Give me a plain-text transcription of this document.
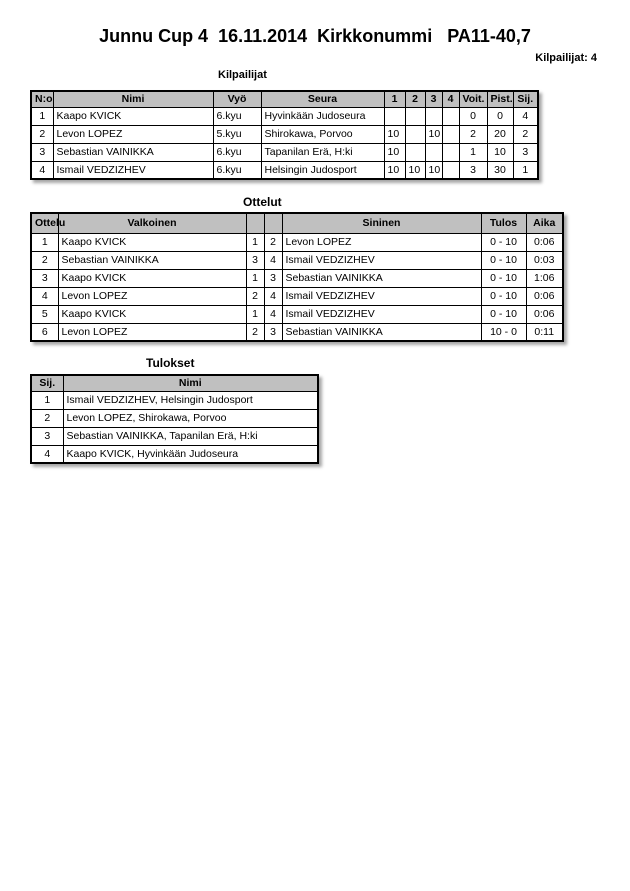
Junnu Cup 4  16.11.2014  Kirkkonummi   PA11-40,7
Kilpailijat: 4
Kilpailijat
N:o	Nimi	Vyö	Seura	1	2	3	4	Voit.	Pist.	Sij.
1	Kaapo KVICK	6.kyu	Hyvinkään Judoseura					0	0	4
2	Levon LOPEZ	5.kyu	Shirokawa, Porvoo	10		10		2	20	2
3	Sebastian VAINIKKA	6.kyu	Tapanilan Erä, H:ki	10				1	10	3
4	Ismail VEDZIZHEV	6.kyu	Helsingin Judosport	10	10	10		3	30	1
Ottelut
Ottelu	Valkoinen			Sininen	Tulos	Aika
1	Kaapo KVICK	1	2	Levon LOPEZ	0 - 10	0:06
2	Sebastian VAINIKKA	3	4	Ismail VEDZIZHEV	0 - 10	0:03
3	Kaapo KVICK	1	3	Sebastian VAINIKKA	0 - 10	1:06
4	Levon LOPEZ	2	4	Ismail VEDZIZHEV	0 - 10	0:06
5	Kaapo KVICK	1	4	Ismail VEDZIZHEV	0 - 10	0:06
6	Levon LOPEZ	2	3	Sebastian VAINIKKA	10 - 0	0:11
Tulokset
Sij.	Nimi
1	Ismail VEDZIZHEV, Helsingin Judosport
2	Levon LOPEZ, Shirokawa, Porvoo
3	Sebastian VAINIKKA, Tapanilan Erä, H:ki
4	Kaapo KVICK, Hyvinkään Judoseura
